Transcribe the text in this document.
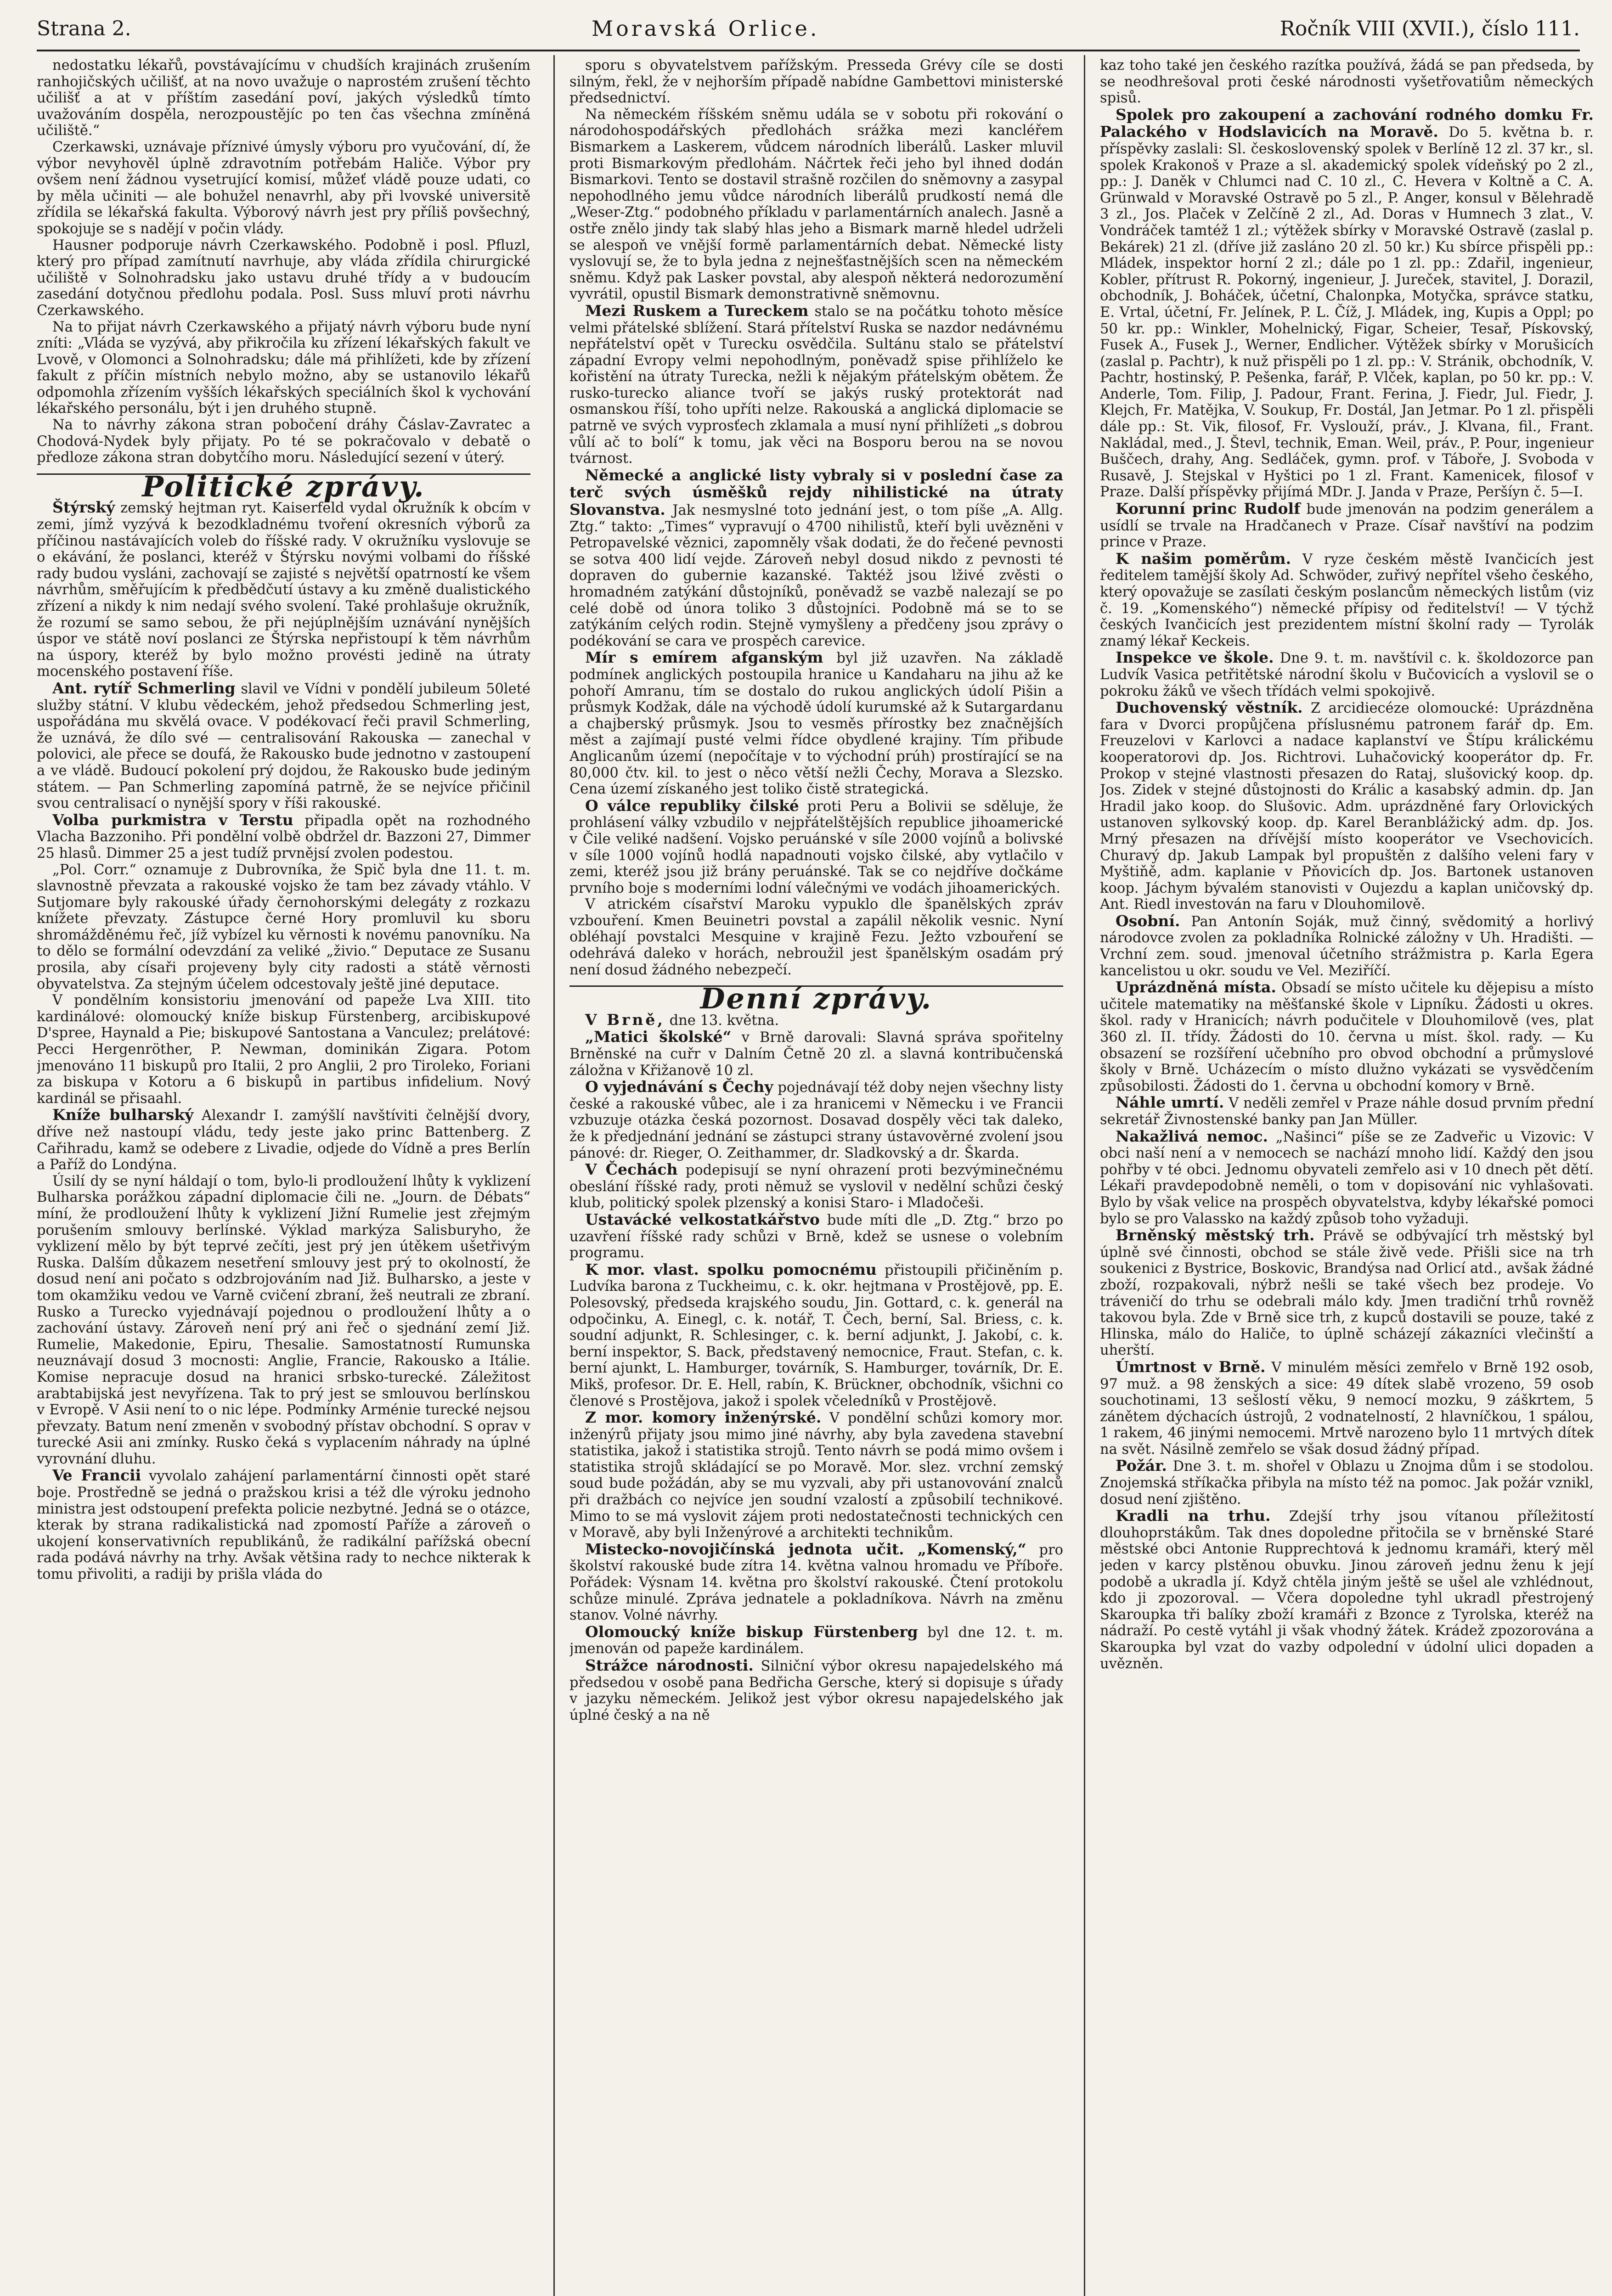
Strana 2.	Moravská Orlice.	Ročník VIII (XVII.), číslo 111.

nedostatku lékařů, povstávajícímu v chudších krajinách zrušením ranhojičských učilišť, at na novo uvažuje o naprostém zrušení těchto učilišť a at v příštím zasedání poví, jakých výsledků tímto uvažováním dospěla, nerozpoustějíc po ten čas všechna zmíněná učiliště.“

Czerkawski, uznávaje příznivé úmysly výboru pro vyučování, dí, že výbor nevyhověl úplně zdravotním potřebám Haliče. Výbor pry ovšem není žádnou vysetrující komisí, můžeť vládě pouze udati, co by měla učiniti — ale bohužel nenavrhl, aby při lvovské universitě zřídila se lékařská fakulta. Výborový návrh jest pry příliš povšechný, spokojuje se s nadějí v počin vlády.

Hausner podporuje návrh Czerkawského. Podobně i posl. Pfluzl, který pro případ zamítnutí navrhuje, aby vláda zřídila chirurgické učiliště v Solnohradsku jako ustavu druhé třídy a v budoucím zasedání dotyčnou předlohu podala. Posl. Suss mluví proti návrhu Czerkawského.

Na to přijat návrh Czerkawského a přijatý návrh výboru bude nyní zníti: „Vláda se vyzývá, aby přikročila ku zřízení lékařských fakult ve Lvově, v Olomonci a Solnohradsku; dále má přihlížeti, kde by zřízení fakult z příčin místních nebylo možno, aby se ustanovilo lékařů odpomohla zřízením vyšších lékařských speciálních škol k vychování lékařského personálu, být i jen druhého stupně.

Na to návrhy zákona stran pobočení dráhy Čáslav-Zavratec a Chodová-Nydek byly přijaty. Po té se pokračovalo v debatě o předloze zákona stran dobytčího moru. Následující sezení v úterý.

Politické zprávy.

Štýrský zemský hejtman ryt. Kaiserfeld vydal okružník k obcím v zemi, jímž vyzývá k bezodkladnému tvoření okresních výborů za příčinou nastávajících voleb do říšské rady. V okružníku vyslovuje se o ekávání, že poslanci, kteréž v Štýrsku novými volbami do říšské rady budou vysláni, zachovají se zajisté s největší opatrností ke všem návrhům, směřujícím k předbědčutí ústavy a ku změně dualistického zřízení a nikdy k nim nedají svého svolení. Také prohlašuje okružník, že rozumí se samo sebou, že při nejúplnějším uznávání nynějších úspor ve státě noví poslanci ze Štýrska nepřistoupí k těm návrhům na úspory, kteréž by bylo možno provésti jedině na útraty mocenského postavení říše.

Ant. rytíř Schmerling slavil ve Vídni v pondělí jubileum 50leté služby státní. V klubu vědeckém, jehož předsedou Schmerling jest, uspořádána mu skvělá ovace. V podékovací řeči pravil Schmerling, že uznává, že dílo své — centralisování Rakouska — zanechal v polovici, ale přece se doufá, že Rakousko bude jednotno v zastoupení a ve vládě. Budoucí pokolení prý dojdou, že Rakousko bude jediným státem. — Pan Schmerling zapomíná patrně, že se nejvíce přičinil svou centralisací o nynější spory v říši rakouské.

Volba purkmistra v Terstu připadla opět na rozhodného Vlacha Bazzoniho. Při pondělní volbě obdržel dr. Bazzoni 27, Dimmer 25 hlasů. Dimmer 25 a jest tudíž prvnějsí zvolen podestou.

„Pol. Corr.“ oznamuje z Dubrovníka, že Spič byla dne 11. t. m. slavnostně převzata a rakouské vojsko že tam bez závady vtáhlo. V Sutjomare byly rakouské úřady černohorskými delegáty z rozkazu knížete převzaty. Zástupce černé Hory promluvil ku sboru shromážděnému řeč, jíž vybízel ku věrnosti k novému panovníku. Na to dělo se formální odevzdání za veliké „živio.“ Deputace ze Susanu prosila, aby císaři projeveny byly city radosti a státě věrnosti obyvatelstva. Za stejným účelem odcestovaly ještě jiné deputace.

V pondělním konsistoriu jmenování od papeže Lva XIII. tito kardinálové: olomoucký kníže biskup Fürstenberg, arcibiskupové D'spree, Haynald a Pie; biskupové Santostana a Vanculez; prelátové: Pecci Hergenröther, P. Newman, dominikán Zigara. Potom jmenováno 11 biskupů pro Italii, 2 pro Anglii, 2 pro Tiroleko, Foriani za biskupa v Kotoru a 6 biskupů in partibus infidelium. Nový kardinál se přisaahl.

Kníže bulharský Alexandr I. zamýšlí navštíviti čelnější dvory, dříve než nastoupí vládu, tedy jeste jako princ Battenberg. Z Cařihradu, kamž se odebere z Livadie, odjede do Vídně a pres Berlín a Paříž do Londýna.

Úsilí dy se nyní háldají o tom, bylo-li prodloužení lhůty k vyklizení Bulharska porážkou západní diplomacie čili ne. „Journ. de Débats“ míní, že prodloužení lhůty k vyklizení Jižní Rumelie jest zřejmým porušením smlouvy berlínské. Výklad markýza Salisburyho, že vyklizení mělo by být teprvé zečíti, jest prý jen útěkem ušetřivým Ruska. Dalším důkazem nesetření smlouvy jest prý to okolností, že dosud není ani počato s odzbrojováním nad Již. Bulharsko, a jeste v tom okamžiku vedou ve Varně cvičení zbraní, žeš neutrali ze zbraní. Rusko a Turecko vyjednávají pojednou o prodloužení lhůty a o zachování ústavy. Zároveň není prý ani řeč o sjednání zemí Již. Rumelie, Makedonie, Epiru, Thesalie. Samostatností Rumunska neuznávají dosud 3 mocnosti: Anglie, Francie, Rakousko a Itálie. Komise nepracuje dosud na hranici srbsko-turecké. Záležitost arabtabijská jest nevyřízena. Tak to prý jest se smlouvou berlínskou v Evropě. V Asii není to o nic lépe. Podmínky Arménie turecké nejsou převzaty. Batum není zmeněn v svobodný přístav obchodní. S oprav v turecké Asii ani zmínky. Rusko čeká s vyplacením náhrady na úplné vyrovnání dluhu.

Ve Francii vyvolalo zahájení parlamentární činnosti opět staré boje. Prostředně se jedná o pražskou krisi a též dle výroku jednoho ministra jest odstoupení prefekta policie nezbytné. Jedná se o otázce, kterak by strana radikalistická nad zpomostí Paříže a zároveň o ukojení konservativních republikánů, že radikální pařížská obecní rada podává návrhy na trhy. Avšak většina rady to nechce nikterak k tomu přivoliti, a radiji by prišla vláda do

sporu s obyvatelstvem pařížským. Presseda Grévy cíle se dosti silným, řekl, že v nejhorším případě nabídne Gambettovi ministerské předsednictví.

Na německém říšském sněmu udála se v sobotu při rokování o národohospodářských předlohách srážka mezi kancléřem Bismarkem a Laskerem, vůdcem národních liberálů. Lasker mluvil proti Bismarkovým předlohám. Náčrtek řeči jeho byl ihned dodán Bismarkovi. Tento se dostavil strašně rozčilen do sněmovny a zasypal nepohodlného jemu vůdce národních liberálů prudkostí nemá dle „Weser-Ztg.“ podobného příkladu v parlamentárních analech. Jasně a ostře znělo jindy tak slabý hlas jeho a Bismark marně hledel udrželi se alespoň ve vnější formě parlamentárních debat. Německé listy vyslovují se, že to byla jedna z nejnešťastnějších scen na německém sněmu. Když pak Lasker povstal, aby alespoň některá nedorozumění vyvrátil, opustil Bismark demonstrativně sněmovnu.

Mezi Ruskem a Tureckem stalo se na počátku tohoto měsíce velmi přátelské sblížení. Stará přítelství Ruska se nazdor nedávnému nepřátelství opět v Turecku osvědčila. Sultánu stalo se přátelství západní Evropy velmi nepohodlným, poněvadž spise přihlíželo ke kořistění na útraty Turecka, nežli k nějakým přátelským obětem. Že rusko-turecko aliance tvoří se jakýs ruský protektorát nad osmanskou říší, toho upříti nelze. Rakouská a anglická diplomacie se patrně ve svých vyprosťech zklamala a musí nyní přihlížeti „s dobrou vůlí ač to bolí“ k tomu, jak věci na Bosporu berou na se novou tvárnost.

Německé a anglické listy vybraly si v poslední čase za terč svých úsměšků rejdy nihilistické na útraty Slovanstva. Jak nesmyslné toto jednání jest, o tom píše „A. Allg. Ztg.“ takto: „Times“ vypravují o 4700 nihilistů, kteří byli uvězněni v Petropavelské věznici, zapomněly však dodati, že do řečené pevnosti se sotva 400 lidí vejde. Zároveň nebyl dosud nikdo z pevnosti té dopraven do gubernie kazanské. Taktéž jsou lživé zvěsti o hromadném zatýkání důstojníků, poněvadž se vazbě nalezají se po celé době od února toliko 3 důstojníci. Podobně má se to se zatýkáním celých rodin. Stejně vymyšleny a předčeny jsou zprávy o podékování se cara ve prospěch carevice.

Mír s emírem afganským byl již uzavřen. Na základě podmínek anglických postoupila hranice u Kandaharu na jihu až ke pohoří Amranu, tím se dostalo do rukou anglických údolí Pišin a průsmyk Kodžak, dále na východě údolí kurumské až k Sutargardanu a chajberský průsmyk. Jsou to vesměs přírostky bez značnějších měst a zajímají pusté velmi řídce obydlené krajiny. Tím přibude Anglicanům území (nepočítaje v to východní prúh) prostírající se na 80,000 čtv. kil. to jest o něco větší nežli Čechy, Morava a Slezsko. Cena území získaného jest toliko čistě strategická.

O válce republiky čilské proti Peru a Bolivii se sděluje, že prohlásení války vzbudilo v nejpřátelštějších republice jihoamerické v Čile veliké nadšení. Vojsko peruánské v síle 2000 vojínů a bolivské v síle 1000 vojínů hodlá napadnouti vojsko čilské, aby vytlačilo v zemi, kteréž jsou již brány peruánské. Tak se co nejdříve dočkáme prvního boje s moderními lodní válečnými ve vodách jihoamerických.

V atrickém císařství Maroku vypuklo dle španělských zpráv vzbouření. Kmen Beuinetri povstal a zapálil několik vesnic. Nyní obléhají povstalci Mesquine v krajině Fezu. Ježto vzbouření se odehrává daleko v horách, nebroužil jest španělským osadám prý není dosud žádného nebezpečí.

Denní zprávy.

V Brně, dne 13. května.

„Matici školské“ v Brně darovali: Slavná správa spořitelny Brněnské na cuřr v Dalním Četně 20 zl. a slavná kontribučenská záložna v Křižanově 10 zl.

O vyjednávání s Čechy pojednávají též doby nejen všechny listy české a rakouské vůbec, ale i za hranicemi v Německu i ve Francii vzbuzuje otázka česká pozornost. Dosavad dospěly věci tak daleko, že k předjednání jednání se zástupci strany ústavověrné zvolení jsou pánové: dr. Rieger, O. Zeithammer, dr. Sladkovský a dr. Škarda.

V Čechách podepisují se nyní ohrazení proti bezvýminečnému obeslání říšské rady, proti němuž se vyslovil v nedělní schůzi český klub, politický spolek plzenský a konisi Staro- i Mladočeši.

Ustavácké velkostatkářstvo bude míti dle „D. Ztg.“ brzo po uzavření říšské rady schůzi v Brně, kdež se usnese o volebním programu.

K mor. vlast. spolku pomocnému přistoupili přičiněním p. Ludvíka barona z Tuckheimu, c. k. okr. hejtmana v Prostějově, pp. E. Polesovský, předseda krajského soudu, Jin. Gottard, c. k. generál na odpočinku, A. Einegl, c. k. notář, T. Čech, berní, Sal. Briess, c. k. soudní adjunkt, R. Schlesinger, c. k. berní adjunkt, J. Jakobí, c. k. berní inspektor, S. Back, představený nemocnice, Fraut. Stefan, c. k. berní ajunkt, L. Hamburger, továrník, S. Hamburger, továrník, Dr. E. Mikš, profesor. Dr. E. Hell, rabín, K. Brückner, obchodník, všichni co členové s Prostějova, jakož i spolek včeledníků v Prostějově.

Z mor. komory inženýrské. V pondělní schůzi komory mor. inženýrů přijaty jsou mimo jiné návrhy, aby byla zavedena stavební statistika, jakož i statistika strojů. Tento návrh se podá mimo ovšem i statistika strojů skládající se po Moravě. Mor. slez. vrchní zemský soud bude požádán, aby se mu vyzvali, aby při ustanovování znalců při dražbách co nejvíce jen soudní vzalostí a způsobilí technikové. Mimo to se má vyslovit zájem proti nedostatečnosti technických cen v Moravě, aby byli Inženýrové a architekti technikům.

Mistecko-novojičínská jednota učit. „Komenský,“ pro školství rakouské bude zítra 14. května valnou hromadu ve Příboře. Pořádek: Výsnam 14. května pro školství rakouské. Čtení protokolu schůze minulé. Zpráva jednatele a pokladníkova. Návrh na změnu stanov. Volné návrhy.

Olomoucký kníže biskup Fürstenberg byl dne 12. t. m. jmenován od papeže kardinálem.

Strážce národnosti. Silniční výbor okresu napajedelského má předsedou v osobě pana Bedřicha Gersche, který si dopisuje s úřady v jazyku německém. Jelikož jest výbor okresu napajedelského jak úplné český a na ně

kaz toho také jen českého razítka používá, žádá se pan předseda, by se neodhrešoval proti české národnosti vyšetřovatiům německých spisů.

Spolek pro zakoupení a zachování rodného domku Fr. Palackého v Hodslavicích na Moravě. Do 5. května b. r. příspěvky zaslali: Sl. československý spolek v Berlíně 12 zl. 37 kr., sl. spolek Krakonoš v Praze a sl. akademický spolek vídeňský po 2 zl., pp.: J. Daněk v Chlumci nad C. 10 zl., C. Hevera v Koltně a C. A. Grünwald v Moravské Ostravě po 5 zl., P. Anger, konsul v Bělehradě 3 zl., Jos. Plaček v Zelčíně 2 zl., Ad. Doras v Humnech 3 zlat., V. Vondráček tamtéž 1 zl.; výtěžek sbírky v Moravské Ostravě (zaslal p. Bekárek) 21 zl. (dříve již zasláno 20 zl. 50 kr.) Ku sbírce přispěli pp.: Mládek, inspektor horní 2 zl.; dále po 1 zl. pp.: Zdařil, ingenieur, Kobler, přítrust R. Pokorný, ingenieur, J. Jureček, stavitel, J. Dorazil, obchodník, J. Boháček, účetní, Chalonpka, Motyčka, správce statku, E. Vrtal, účetní, Fr. Jelínek, P. L. Číž, J. Mládek, ing, Kupis a Oppl; po 50 kr. pp.: Winkler, Mohelnický, Figar, Scheier, Tesař, Pískovský, Fusek A., Fusek J., Werner, Endlicher. Výtěžek sbírky v Morušicích (zaslal p. Pachtr), k nuž přispěli po 1 zl. pp.: V. Stránik, obchodník, V. Pachtr, hostinský, P. Pešenka, farář, P. Vlček, kaplan, po 50 kr. pp.: V. Anderle, Tom. Filip, J. Padour, Frant. Ferina, J. Fiedr, Jul. Fiedr, J. Klejch, Fr. Matějka, V. Soukup, Fr. Dostál, Jan Jetmar. Po 1 zl. přispěli dále pp.: St. Vik, filosof, Fr. Vyslouží, práv., J. Klvana, fil., Frant. Nakládal, med., J. Števl, technik, Eman. Weil, práv., P. Pour, ingenieur Buščech, drahy, Ang. Sedláček, gymn. prof. v Táboře, J. Svoboda v Rusavě, J. Stejskal v Hyštici po 1 zl. Frant. Kamenicek, filosof v Praze. Další příspěvky přijímá MDr. J. Janda v Praze, Peršíyn č. 5—I.

Korunní princ Rudolf bude jmenován na podzim generálem a usídlí se trvale na Hradčanech v Praze. Císař navštíví na podzim prince v Praze.

K našim poměrům. V ryze českém městě Ivančicích jest ředitelem tamější školy Ad. Schwöder, zuřivý nepřítel všeho českého, který opovažuje se zasílati českým poslancům německých listům (viz č. 19. „Komenského“) německé přípisy od ředitelství! — V týchž českých Ivančicích jest prezidentem místní školní rady — Tyrolák znamý lékař Keckeis.

Inspekce ve škole. Dne 9. t. m. navštívil c. k. školdozorce pan Ludvík Vasica petřitětské národní školu v Bučovicích a vyslovil se o pokroku žáků ve všech třídách velmi spokojivě.

Duchovenský věstník. Z arcidiecéze olomoucké: Uprázdněna fara v Dvorci propůjčena příslusnému patronem farář dp. Em. Freuzelovi v Karlovci a nadace kaplanství ve Štípu králickému kooperatorovi dp. Jos. Richtrovi. Luhačovický kooperátor dp. Fr. Prokop v stejné vlastnosti přesazen do Rataj, slušovický koop. dp. Jos. Zidek v stejné důstojnosti do Králic a kasabský admin. dp. Jan Hradil jako koop. do Slušovic. Adm. uprázdněné fary Orlovických ustanoven sylkovský koop. dp. Karel Beranblážický adm. dp. Jos. Mrný přesazen na dřívější místo kooperátor ve Vsechovicích. Churavý dp. Jakub Lampak byl propuštěn z dalšího veleni fary v Myštiňě, adm. kaplanie v Pňovicích dp. Jos. Bartonek ustanoven koop. Jáchym bývalém stanovisti v Oujezdu a kaplan uničovský dp. Ant. Riedl investován na faru v Dlouhomilově.

Osobní. Pan Antonín Soják, muž činný, svědomitý a horlivý národovce zvolen za pokladníka Rolnické záložny v Uh. Hradišti. — Vrchní zem. soud. jmenoval účetního strážmistra p. Karla Egera kancelistou u okr. soudu ve Vel. Meziříčí.

Uprázdněná místa. Obsadí se místo učitele ku dějepisu a místo učitele matematiky na měšťanské škole v Lipníku. Žádosti u okres. škol. rady v Hranicích; návrh podučitele v Dlouhomilově (ves, plat 360 zl. II. třídy. Žádosti do 10. června u míst. škol. rady. — Ku obsazení se rozšíření učebního pro obvod obchodní a průmyslové školy v Brně. Ucházecím o místo dlužno vykázati se vysvědčením způsobilosti. Žádosti do 1. června u obchodní komory v Brně.

Náhle umrtí. V neděli zemřel v Praze náhle dosud prvním přední sekretář Živnostenské banky pan Jan Müller.

Nakažlivá nemoc. „Našinci“ píše se ze Zadveřic u Vizovic: V obci naší není a v nemocech se nachází mnoho lidí. Každý den jsou pohřby v té obci. Jednomu obyvateli zemřelo asi v 10 dnech pět dětí. Lékaři pravdepodobně neměli, o tom v dopisování nic vyhlašovati. Bylo by však velice na prospěch obyvatelstva, kdyby lékařské pomoci bylo se pro Valassko na každý způsob toho vyžaduji.

Brněnský městský trh. Právě se odbývající trh městský byl úplně své činnosti, obchod se stále živě vede. Přišli sice na trh soukenici z Bystrice, Boskovic, Brandýsa nad Orlicí atd., avšak žádné zboží, rozpakovali, nýbrž nešli se také všech bez prodeje. Vo tráveničí do trhu se odebrali málo kdy. Jmen tradiční trhů rovněž takovou byla. Zde v Brně sice trh, z kupců dostavili se pouze, také z Hlinska, málo do Haliče, to úplně scházejí zákazníci vlečinští a uherští.

Úmrtnost v Brně. V minulém měsíci zemřelo v Brně 192 osob, 97 muž. a 98 ženských a sice: 49 dítek slabě vrozeno, 59 osob souchotinami, 13 sešlostí věku, 9 nemocí mozku, 9 záškrtem, 5 zánětem dýchacích ústrojů, 2 vodnatelností, 2 hlavníčkou, 1 spálou, 1 rakem, 46 jinými nemocemi. Mrtvě narozeno bylo 11 mrtvých dítek na svět. Násilně zemřelo se však dosud žádný případ.

Požár. Dne 3. t. m. shořel v Oblazu u Znojma dům i se stodolou. Znojemská stříkačka přibyla na místo též na pomoc. Jak požár vznikl, dosud není zjištěno.

Kradli na trhu. Zdejší trhy jsou vítanou příležitostí dlouhoprstákům. Tak dnes dopoledne přitočila se v brněnské Staré městské obci Antonie Rupprechtová k jednomu kramáři, který měl jeden v karcy plstěnou obuvku. Jinou zároveň jednu ženu k její podobě a ukradla jí. Když chtěla jiným ještě se ušel ale vzhlédnout, kdo ji zpozoroval. — Včera dopoledne tyhl ukradl přestrojený Skaroupka tři balíky zboží kramáři z Bzonce z Tyrolska, kteréž na nádraží. Po cestě vytáhl ji však vhodný žátek. Krádež zpozorována a Skaroupka byl vzat do vazby odpolední v údolní ulici dopaden a uvězněn.
